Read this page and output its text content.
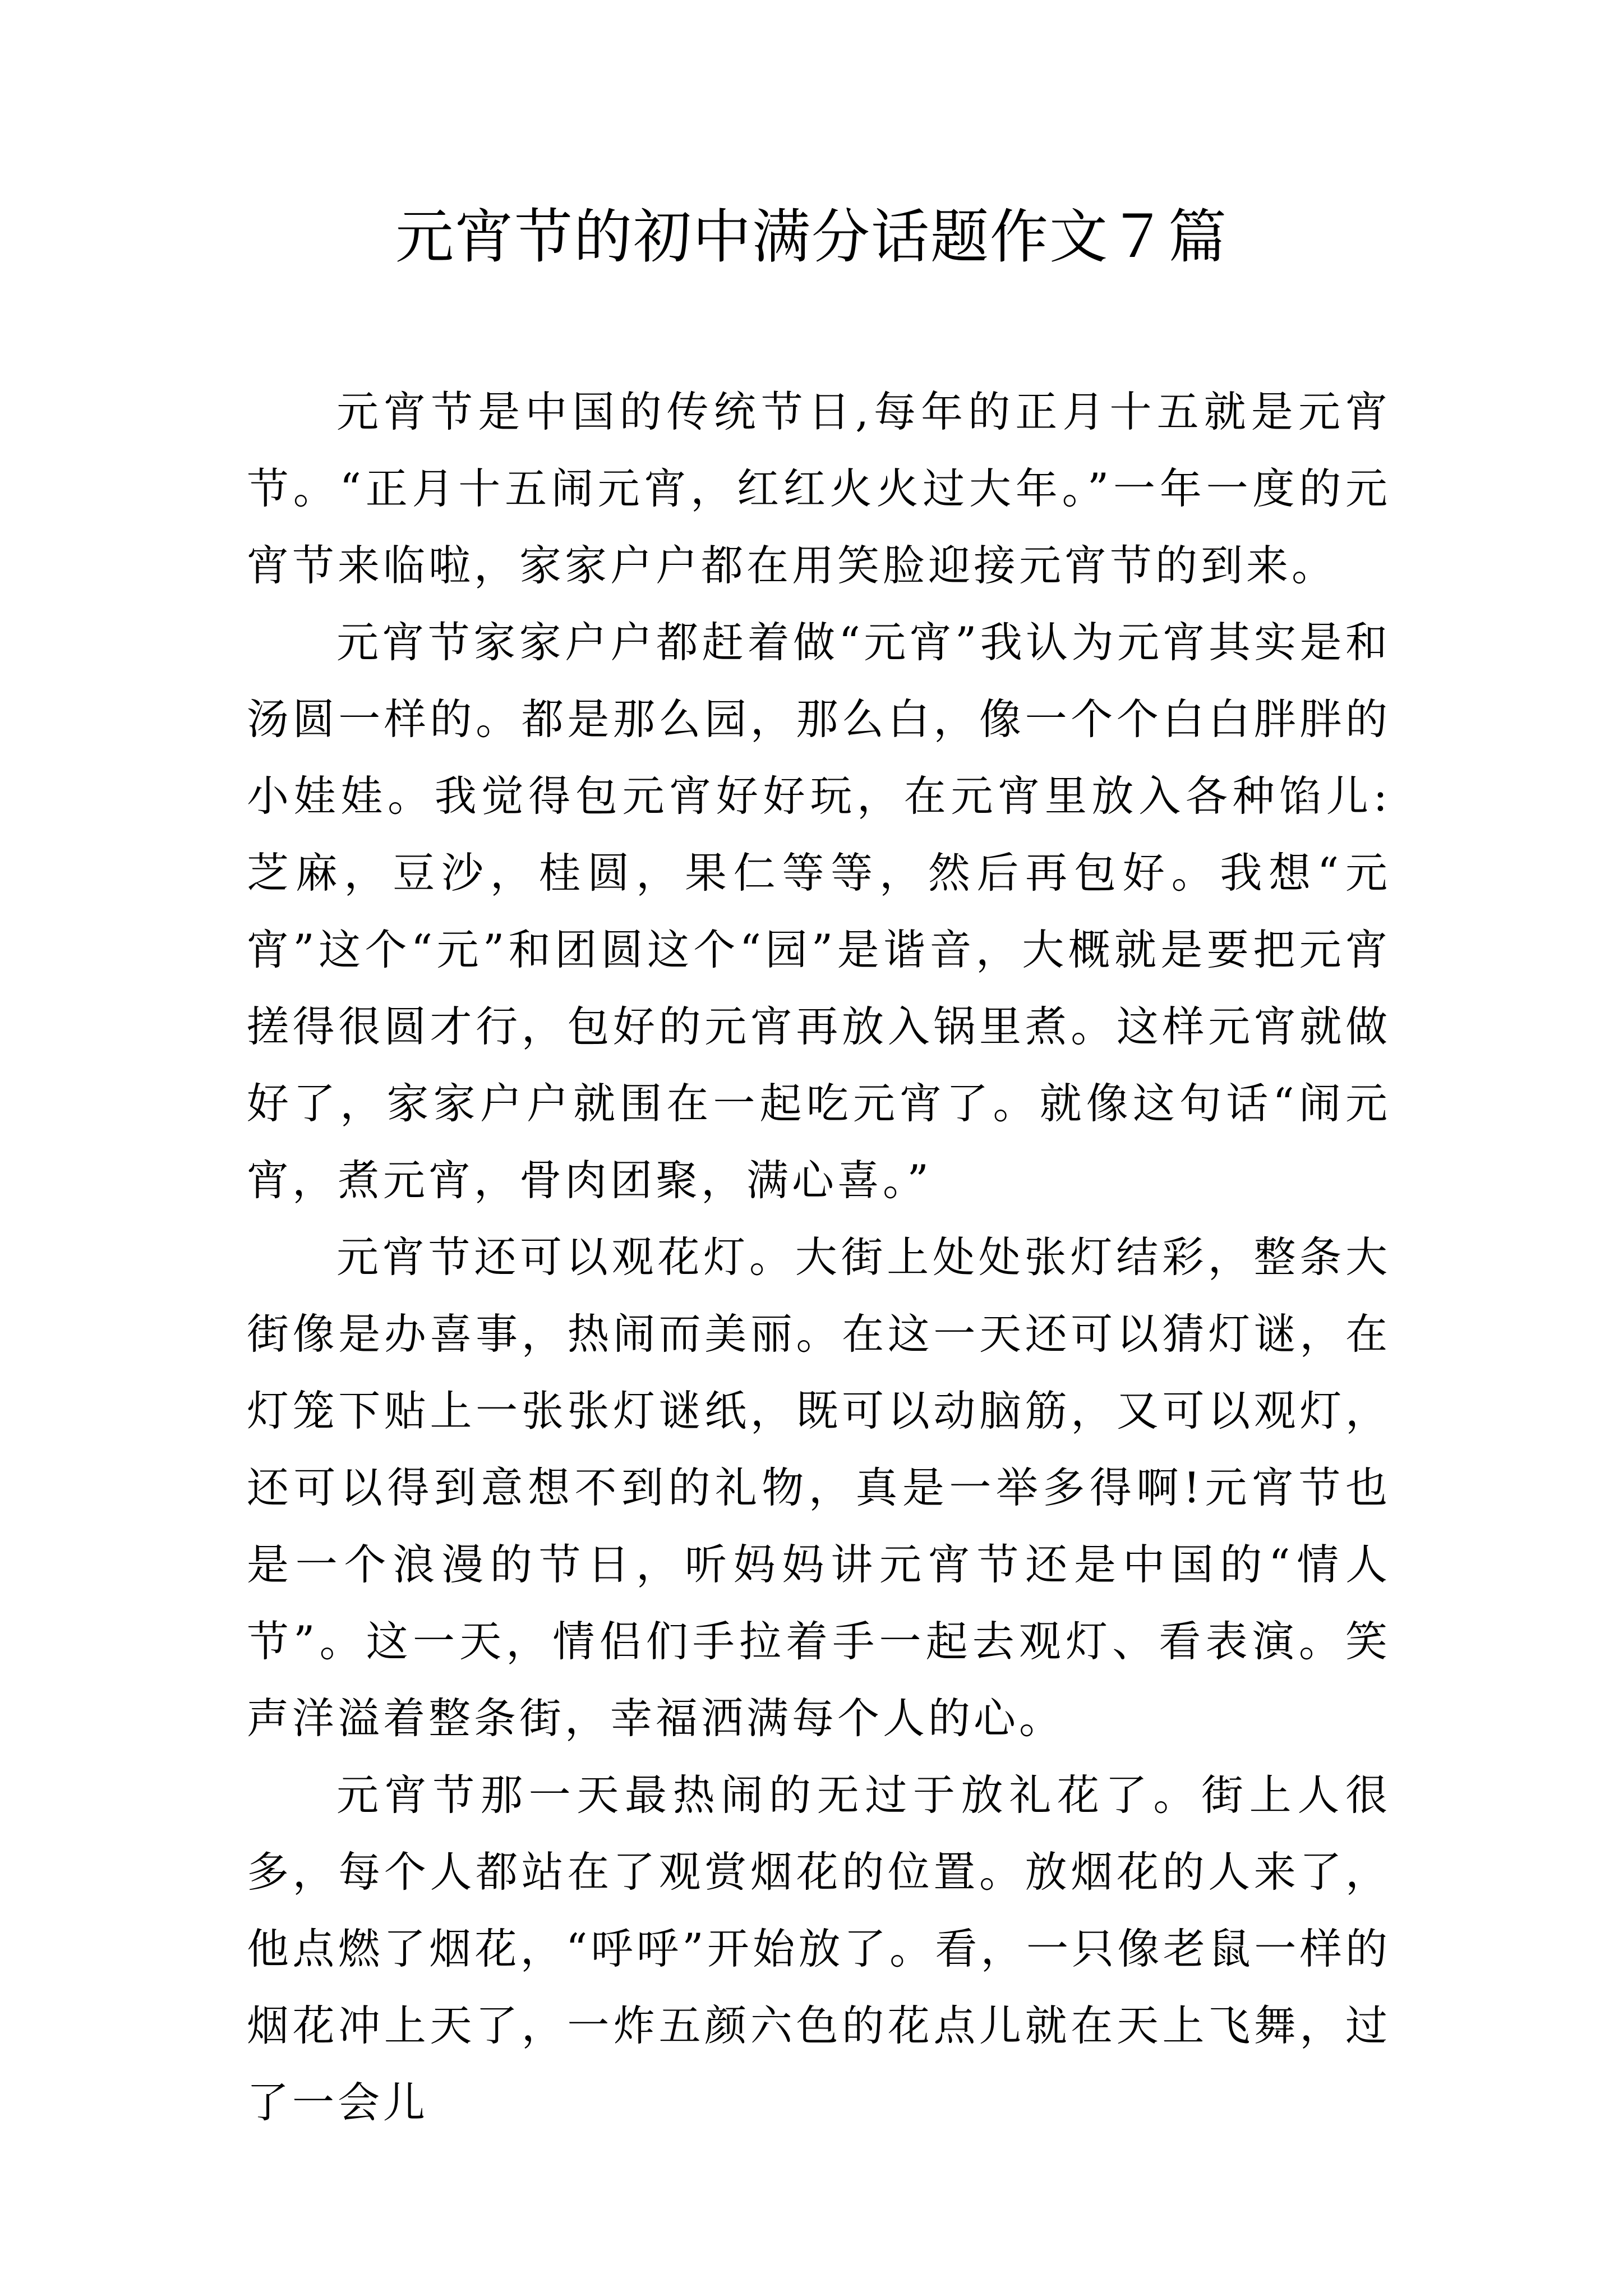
元宵节的初中满分话题作文７篇

元宵节是中国的传统节日,每年的正月十五就是元宵节。“正月十五闹元宵，红红火火过大年。”一年一度的元宵节来临啦，家家户户都在用笑脸迎接元宵节的到来。

元宵节家家户户都赶着做“元宵”我认为元宵其实是和汤圆一样的。都是那么园，那么白，像一个个白白胖胖的小娃娃。我觉得包元宵好好玩，在元宵里放入各种馅儿:芝麻，豆沙，桂圆，果仁等等，然后再包好。我想“元宵”这个“元”和团圆这个“园”是谐音，大概就是要把元宵搓得很圆才行，包好的元宵再放入锅里煮。这样元宵就做好了，家家户户就围在一起吃元宵了。就像这句话“闹元宵，煮元宵，骨肉团聚，满心喜。”

元宵节还可以观花灯。大街上处处张灯结彩，整条大街像是办喜事，热闹而美丽。在这一天还可以猜灯谜，在灯笼下贴上一张张灯谜纸，既可以动脑筋，又可以观灯，还可以得到意想不到的礼物，真是一举多得啊!元宵节也是一个浪漫的节日，听妈妈讲元宵节还是中国的“情人节”。这一天，情侣们手拉着手一起去观灯、看表演。笑声洋溢着整条街，幸福洒满每个人的心。

元宵节那一天最热闹的无过于放礼花了。街上人很多，每个人都站在了观赏烟花的位置。放烟花的人来了，他点燃了烟花，“呼呼”开始放了。看，一只像老鼠一样的烟花冲上天了，一炸五颜六色的花点儿就在天上飞舞，过了一会儿
